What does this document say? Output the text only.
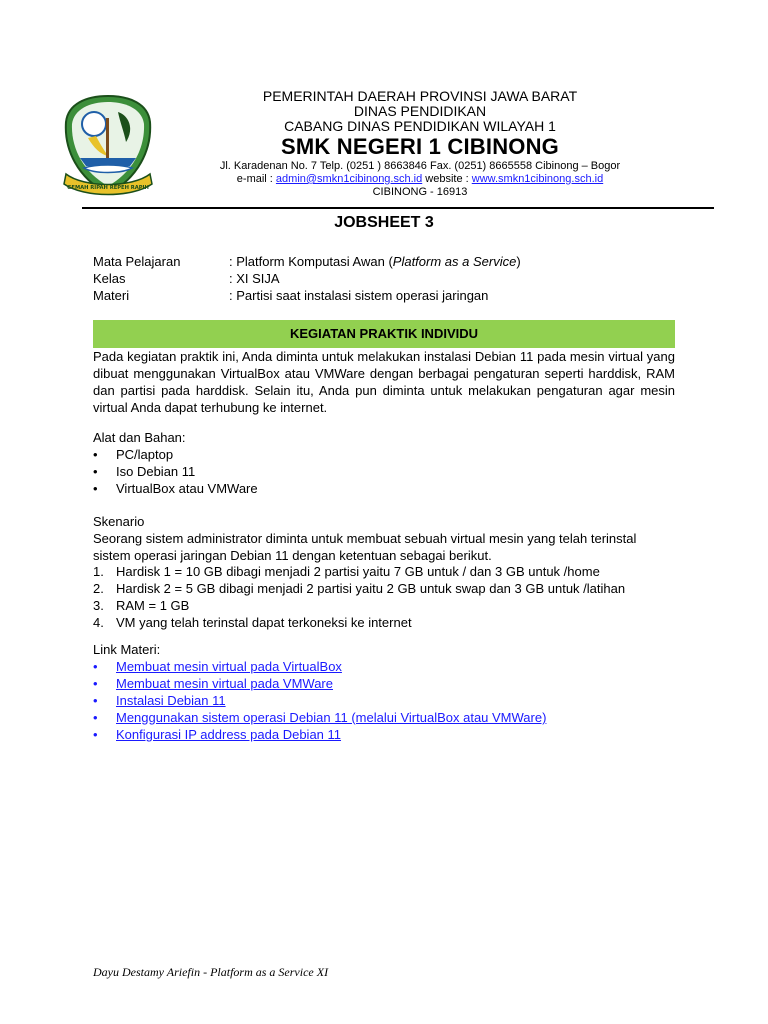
GEMAH RIPAH REPEH RAPIH
PEMERINTAH DAERAH PROVINSI JAWA BARAT
DINAS PENDIDIKAN
CABANG DINAS PENDIDIKAN WILAYAH 1
SMK NEGERI 1 CIBINONG
Jl. Karadenan No. 7 Telp. (0251 ) 8663846 Fax. (0251) 8665558 Cibinong – Bogor
e-mail : admin@smkn1cibinong.sch.id website : www.smkn1cibinong.sch.id
CIBINONG - 16913
JOBSHEET 3
Mata Pelajaran	: Platform Komputasi Awan (Platform as a Service)
Kelas	: XI SIJA
Materi	: Partisi saat instalasi sistem operasi jaringan
KEGIATAN PRAKTIK INDIVIDU
Pada kegiatan praktik ini, Anda diminta untuk melakukan instalasi Debian 11 pada mesin virtual yang dibuat menggunakan VirtualBox atau VMWare dengan berbagai pengaturan seperti harddisk, RAM dan partisi pada harddisk. Selain itu, Anda pun diminta untuk melakukan pengaturan agar mesin virtual Anda dapat terhubung ke internet.
Alat dan Bahan:
•	PC/laptop
•	Iso Debian 11
•	VirtualBox atau VMWare
Skenario
Seorang sistem administrator diminta untuk membuat sebuah virtual mesin yang telah terinstal sistem operasi jaringan Debian 11 dengan ketentuan sebagai berikut.
1. Hardisk 1 = 10 GB dibagi menjadi 2 partisi yaitu 7 GB untuk / dan 3 GB untuk /home
2. Hardisk 2 = 5 GB dibagi menjadi 2 partisi yaitu 2 GB untuk swap dan 3 GB untuk /latihan
3. RAM = 1 GB
4. VM yang telah terinstal dapat terkoneksi ke internet
Link Materi:
•	Membuat mesin virtual pada VirtualBox
•	Membuat mesin virtual pada VMWare
•	Instalasi Debian 11
•	Menggunakan sistem operasi Debian 11 (melalui VirtualBox atau VMWare)
•	Konfigurasi IP address pada Debian 11
Dayu Destamy Ariefin - Platform as a Service XI
